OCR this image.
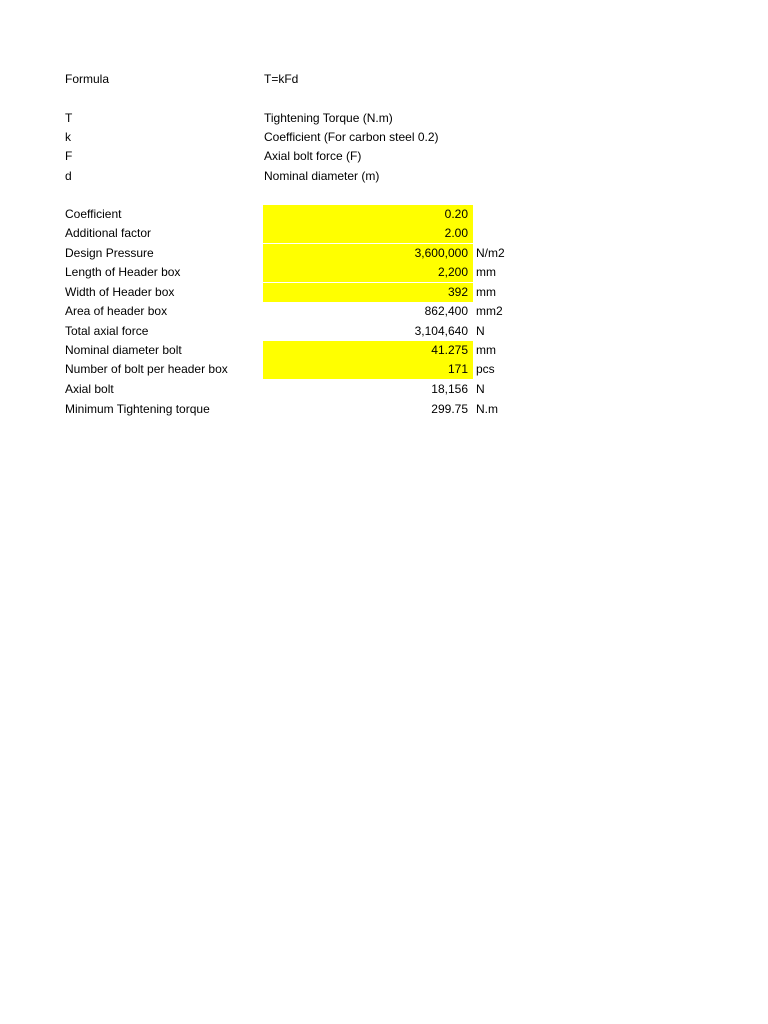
Formula	T=kFd
T	Tightening Torque (N.m)
k	Coefficient (For carbon steel 0.2)
F	Axial bolt force (F)
d	Nominal diameter (m)
Coefficient	0.20
Additional factor	2.00
Design Pressure	3,600,000 N/m2
Length of Header box	2,200 mm
Width of Header box	392 mm
Area of header box	862,400 mm2
Total axial force	3,104,640 N
Nominal diameter bolt	41.275 mm
Number of bolt per header box	171 pcs
Axial bolt	18,156 N
Minimum Tightening torque	299.75 N.m
